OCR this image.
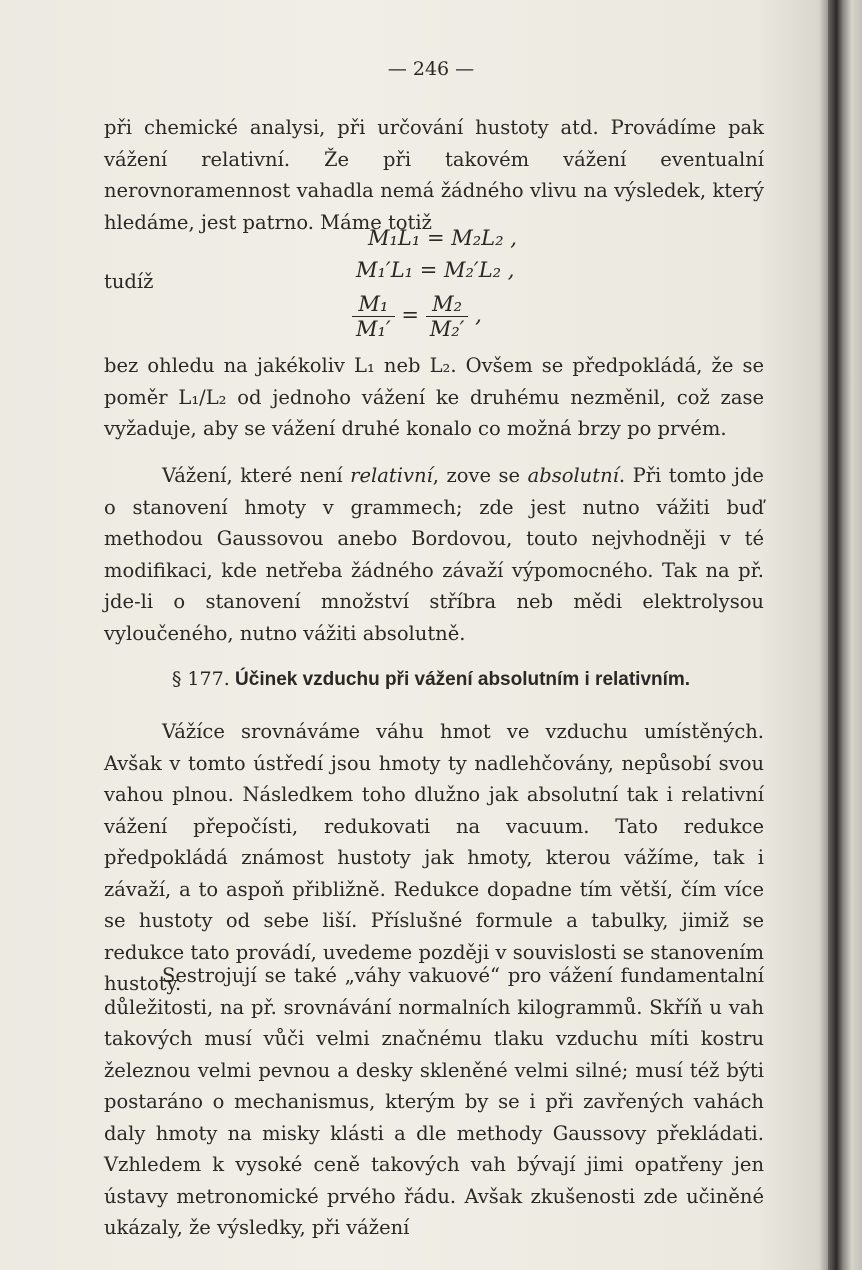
— 246 —

při chemické analysi, při určování hustoty atd. Provádíme pak vážení relativní. Že při takovém vážení eventualní nerovnoramennost vahadla nemá žádného vlivu na výsledek, který hledáme, jest patrno. Máme totiž

M₁L₁ = M₂L₂ ,
M₁′L₁ = M₂′L₂ ,
tudíž
$\frac{\text{M₁}}{\text{M₁′}} = \frac{\text{M₂}}{\text{M₂′}}$ ,

bez ohledu na jakékoliv L₁ neb L₂. Ovšem se předpokládá, že se poměr L₁/L₂ od jednoho vážení ke druhému nezměnil, což zase vyžaduje, aby se vážení druhé konalo co možná brzy po prvém.

Vážení, které není relativní, zove se absolutní. Při tomto jde o stanovení hmoty v grammech; zde jest nutno vážiti buď methodou Gaussovou anebo Bordovou, touto nejvhodněji v té modifikaci, kde netřeba žádného závaží výpomocného. Tak na př. jde-li o stanovení množství stříbra neb mědi elektrolysou vyloučeného, nutno vážiti absolutně.

§ 177. Účinek vzduchu při vážení absolutním i relativním.

Vážíce srovnáváme váhu hmot ve vzduchu umístěných. Avšak v tomto ústředí jsou hmoty ty nadlehčovány, nepůsobí svou vahou plnou. Následkem toho dlužno jak absolutní tak i relativní vážení přepočísti, redukovati na vacuum. Tato redukce předpokládá známost hustoty jak hmoty, kterou vážíme, tak i závaží, a to aspoň přibližně. Redukce dopadne tím větší, čím více se hustoty od sebe liší. Příslušné formule a tabulky, jimiž se redukce tato provádí, uvedeme později v souvislosti se stanovením hustoty.

Sestrojují se také „váhy vakuové“ pro vážení fundamentalní důležitosti, na př. srovnávání normalních kilogrammů. Skříň u vah takových musí vůči velmi značnému tlaku vzduchu míti kostru železnou velmi pevnou a desky skleněné velmi silné; musí též býti postaráno o mechanismus, kterým by se i při zavřených vahách daly hmoty na misky klásti a dle methody Gaussovy překládati. Vzhledem k vysoké ceně takových vah bývají jimi opatřeny jen ústavy metronomické prvého řádu. Avšak zkušenosti zde učiněné ukázaly, že výsledky, při vážení
